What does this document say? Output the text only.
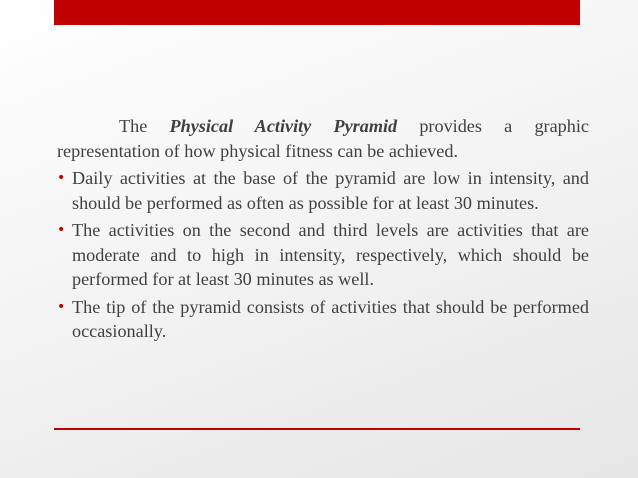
The Physical Activity Pyramid provides a graphic representation of how physical fitness can be achieved.

• Daily activities at the base of the pyramid are low in intensity, and should be performed as often as possible for at least 30 minutes.
• The activities on the second and third levels are activities that are moderate and to high in intensity, respectively, which should be performed for at least 30 minutes as well.
• The tip of the pyramid consists of activities that should be performed occasionally.
